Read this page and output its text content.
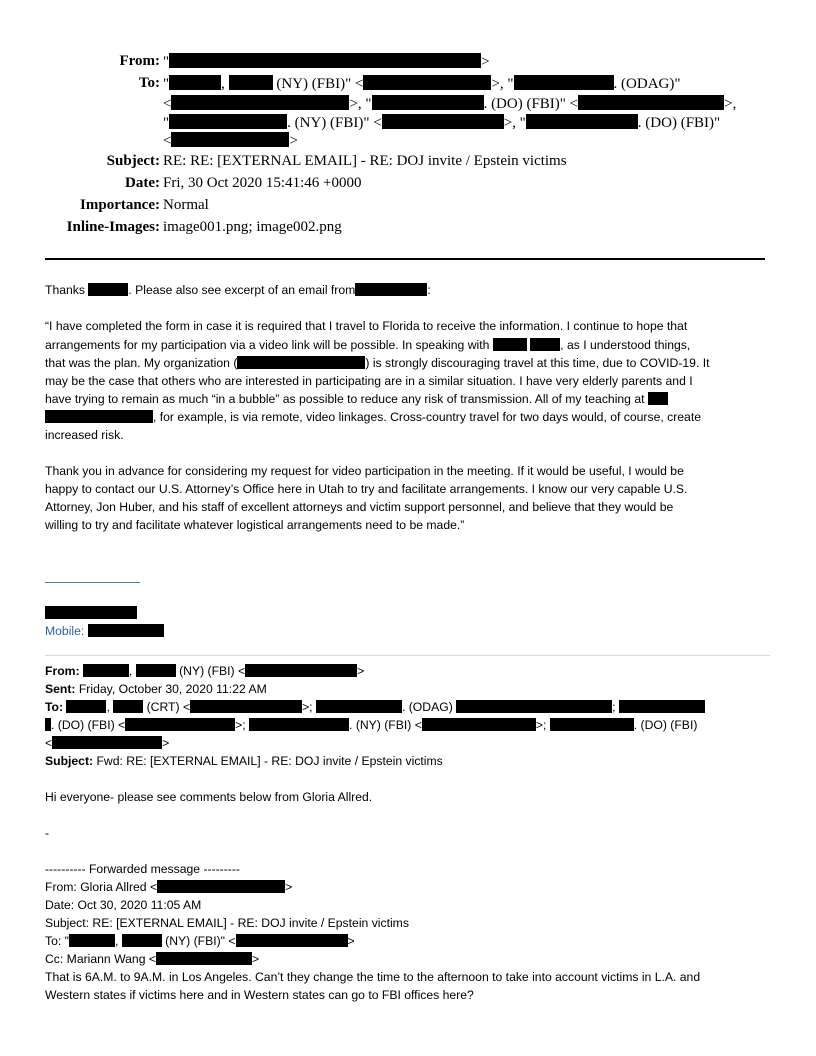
From: "	>
To: "	,	(NY) (FBI)" <	>, "	. (ODAG)"
<	>, "	. (DO) (FBI)" <	>,
"	. (NY) (FBI)" <	>, "	. (DO) (FBI)"
<	>
Subject: RE: RE: [EXTERNAL EMAIL] - RE: DOJ invite / Epstein victims
Date: Fri, 30 Oct 2020 15:41:46 +0000
Importance: Normal
Inline-Images: image001.png; image002.png
Thanks	. Please also see excerpt of an email from	:
“I have completed the form in case it is required that I travel to Florida to receive the information. I continue to hope that
arrangements for my participation via a video link will be possible. In speaking with	, as I understood things,
that was the plan. My organization (	) is strongly discouraging travel at this time, due to COVID-19. It
may be the case that others who are interested in participating are in a similar situation. I have very elderly parents and I
have trying to remain as much “in a bubble” as possible to reduce any risk of transmission. All of my teaching at
, for example, is via remote, video linkages. Cross-country travel for two days would, of course, create
increased risk.
Thank you in advance for considering my request for video participation in the meeting. If it would be useful, I would be
happy to contact our U.S. Attorney’s Office here in Utah to try and facilitate arrangements. I know our very capable U.S.
Attorney, Jon Huber, and his staff of excellent attorneys and victim support personnel, and believe that they would be
willing to try and facilitate whatever logistical arrangements need to be made.”
Mobile:
From:	,	(NY) (FBI) <	>
Sent: Friday, October 30, 2020 11:22 AM
To:	,	(CRT) <	>;	. (ODAG)	;
. (DO) (FBI) <	>;	. (NY) (FBI) <	>;	. (DO) (FBI)
<	>
Subject: Fwd: RE: [EXTERNAL EMAIL] - RE: DOJ invite / Epstein victims
Hi everyone- please see comments below from Gloria Allred.
-
---------- Forwarded message ---------
From: Gloria Allred <	>
Date: Oct 30, 2020 11:05 AM
Subject: RE: [EXTERNAL EMAIL] - RE: DOJ invite / Epstein victims
To: "	,	(NY) (FBI)" <	>
Cc: Mariann Wang <	>
That is 6A.M. to 9A.M. in Los Angeles. Can’t they change the time to the afternoon to take into account victims in L.A. and
Western states if victims here and in Western states can go to FBI offices here?
